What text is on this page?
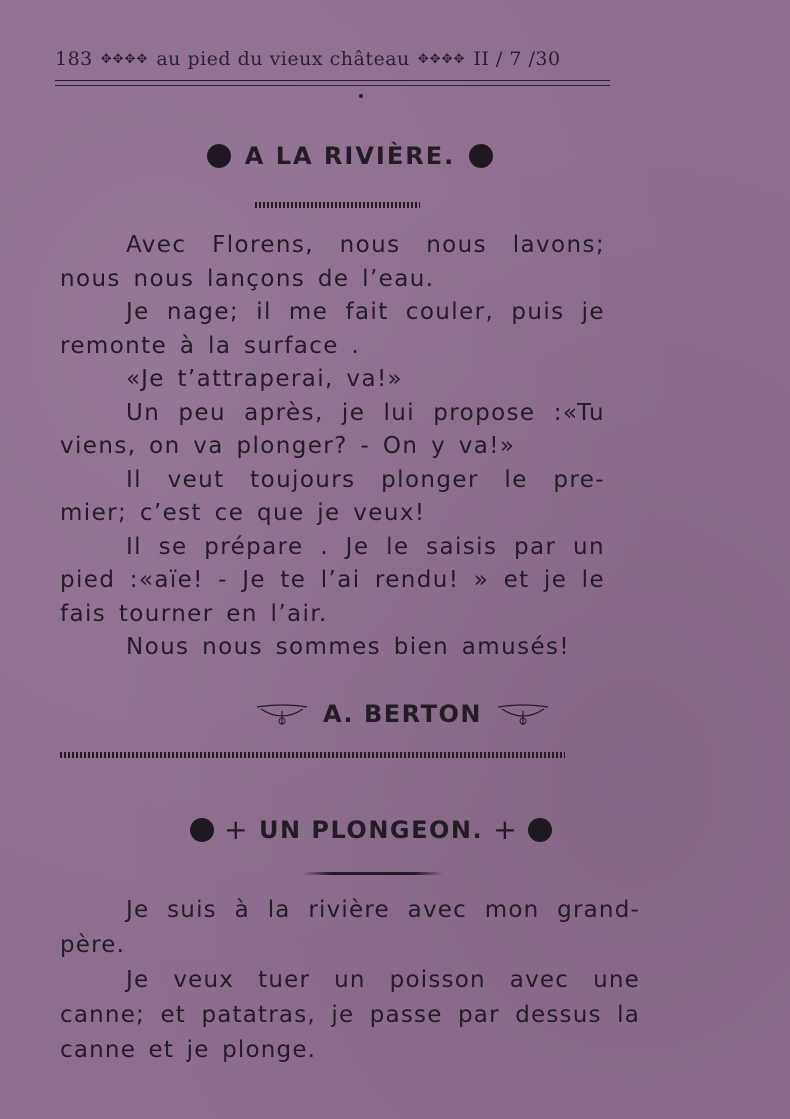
183 ✥✥✥✥ au pied du vieux château ✥✥✥✥ II / 7 /30
A LA RIVIÈRE.

Avec Florens, nous nous lavons; nous nous lançons de l’eau.

Je nage; il me fait couler, puis je remonte à la surface .

«Je t’attraperai, va!»

Un peu après, je lui propose :«Tu viens, on va plonger? - On y va!»

Il veut toujours plonger le pre-mier; c’est ce que je veux!

Il se prépare . Je le saisis par un pied :«aïe! - Je te l’ai rendu! » et je le fais tourner en l’air.

Nous nous sommes bien amusés!

A. BERTON
+ UN PLONGEON. +

Je suis à la rivière avec mon grand-père.

Je veux tuer un poisson avec une canne; et patatras, je passe par dessus la canne et je plonge.
